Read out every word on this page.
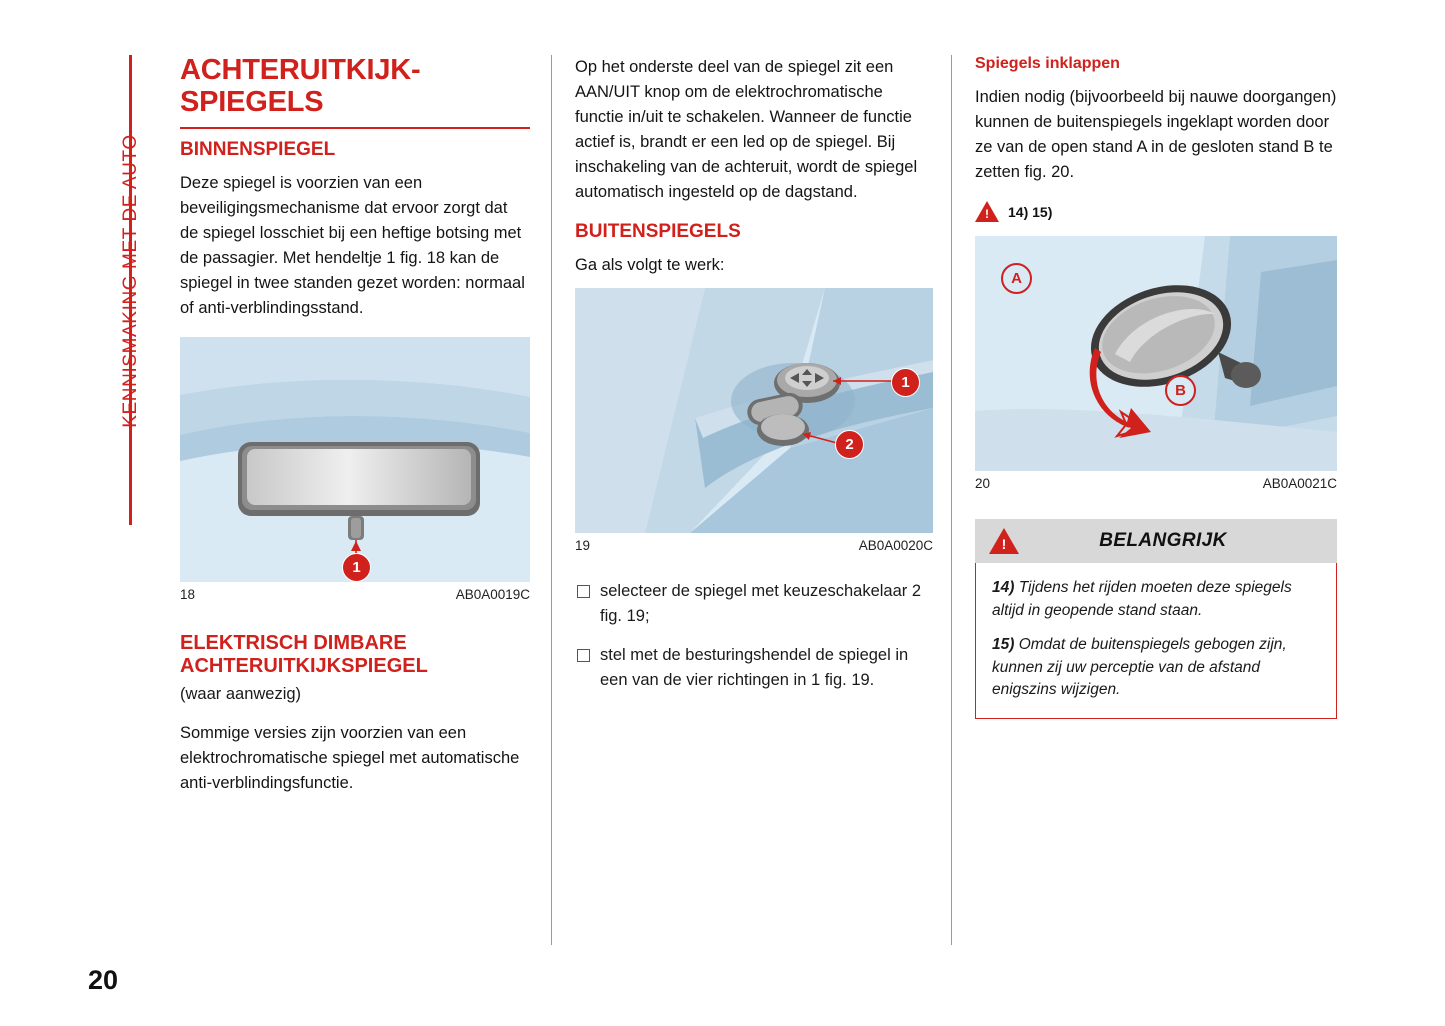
KENNISMAKING MET DE AUTO
ACHTERUITKIJK-SPIEGELS
BINNENSPIEGEL

Deze spiegel is voorzien van een beveiligingsmechanisme dat ervoor zorgt dat de spiegel losschiet bij een heftige botsing met de passagier. Met hendeltje 1 fig. 18 kan de spiegel in twee standen gezet worden: normaal of anti-verblindingsstand.

1
18	AB0A0019C
ELEKTRISCH DIMBARE ACHTERUITKIJKSPIEGEL
(waar aanwezig)

Sommige versies zijn voorzien van een elektrochromatische spiegel met automatische anti-verblindingsfunctie.

Op het onderste deel van de spiegel zit een AAN/UIT knop om de elektrochromatische functie in/uit te schakelen. Wanneer de functie actief is, brandt er een led op de spiegel. Bij inschakeling van de achteruit, wordt de spiegel automatisch ingesteld op de dagstand.

BUITENSPIEGELS

Ga als volgt te werk:

1
2
19	AB0A0020C
selecteer de spiegel met keuzeschakelaar 2 fig. 19;
stel met de besturingshendel de spiegel in een van de vier richtingen in 1 fig. 19.
Spiegels inklappen

Indien nodig (bijvoorbeeld bij nauwe doorgangen) kunnen de buitenspiegels ingeklapt worden door ze van de open stand A in de gesloten stand B te zetten fig. 20.

!
14) 15)
A
B
20	AB0A0021C
!
BELANGRIJK

14) Tijdens het rijden moeten deze spiegels altijd in geopende stand staan.

15) Omdat de buitenspiegels gebogen zijn, kunnen zij uw perceptie van de afstand enigszins wijzigen.

20
